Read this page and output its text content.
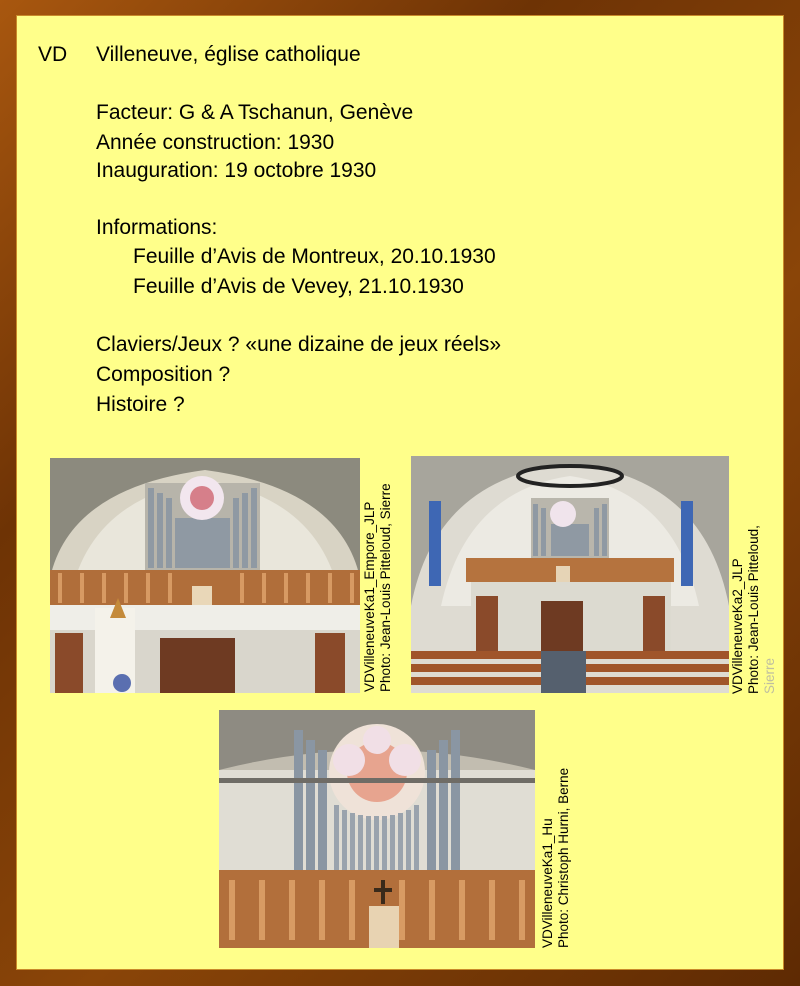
VD Villeneuve, église catholique
Facteur: G & A Tschanun, Genève
Année construction: 1930
Inauguration: 19 octobre 1930
Informations:
Feuille d’Avis de Montreux, 20.10.1930
Feuille d’Avis de Vevey, 21.10.1930
Claviers/Jeux ? «une dizaine de jeux réels»
Composition ?
Histoire ?
VDVilleneuveKa1_Empore_JLP Photo: Jean-Louis Pitteloud, Sierre	VDVilleneuveKa2_JLP Photo: Jean-Louis Pitteloud, Sierre
VDVilleneuveKa1_Hu Photo: Christoph Hurni, Berne
